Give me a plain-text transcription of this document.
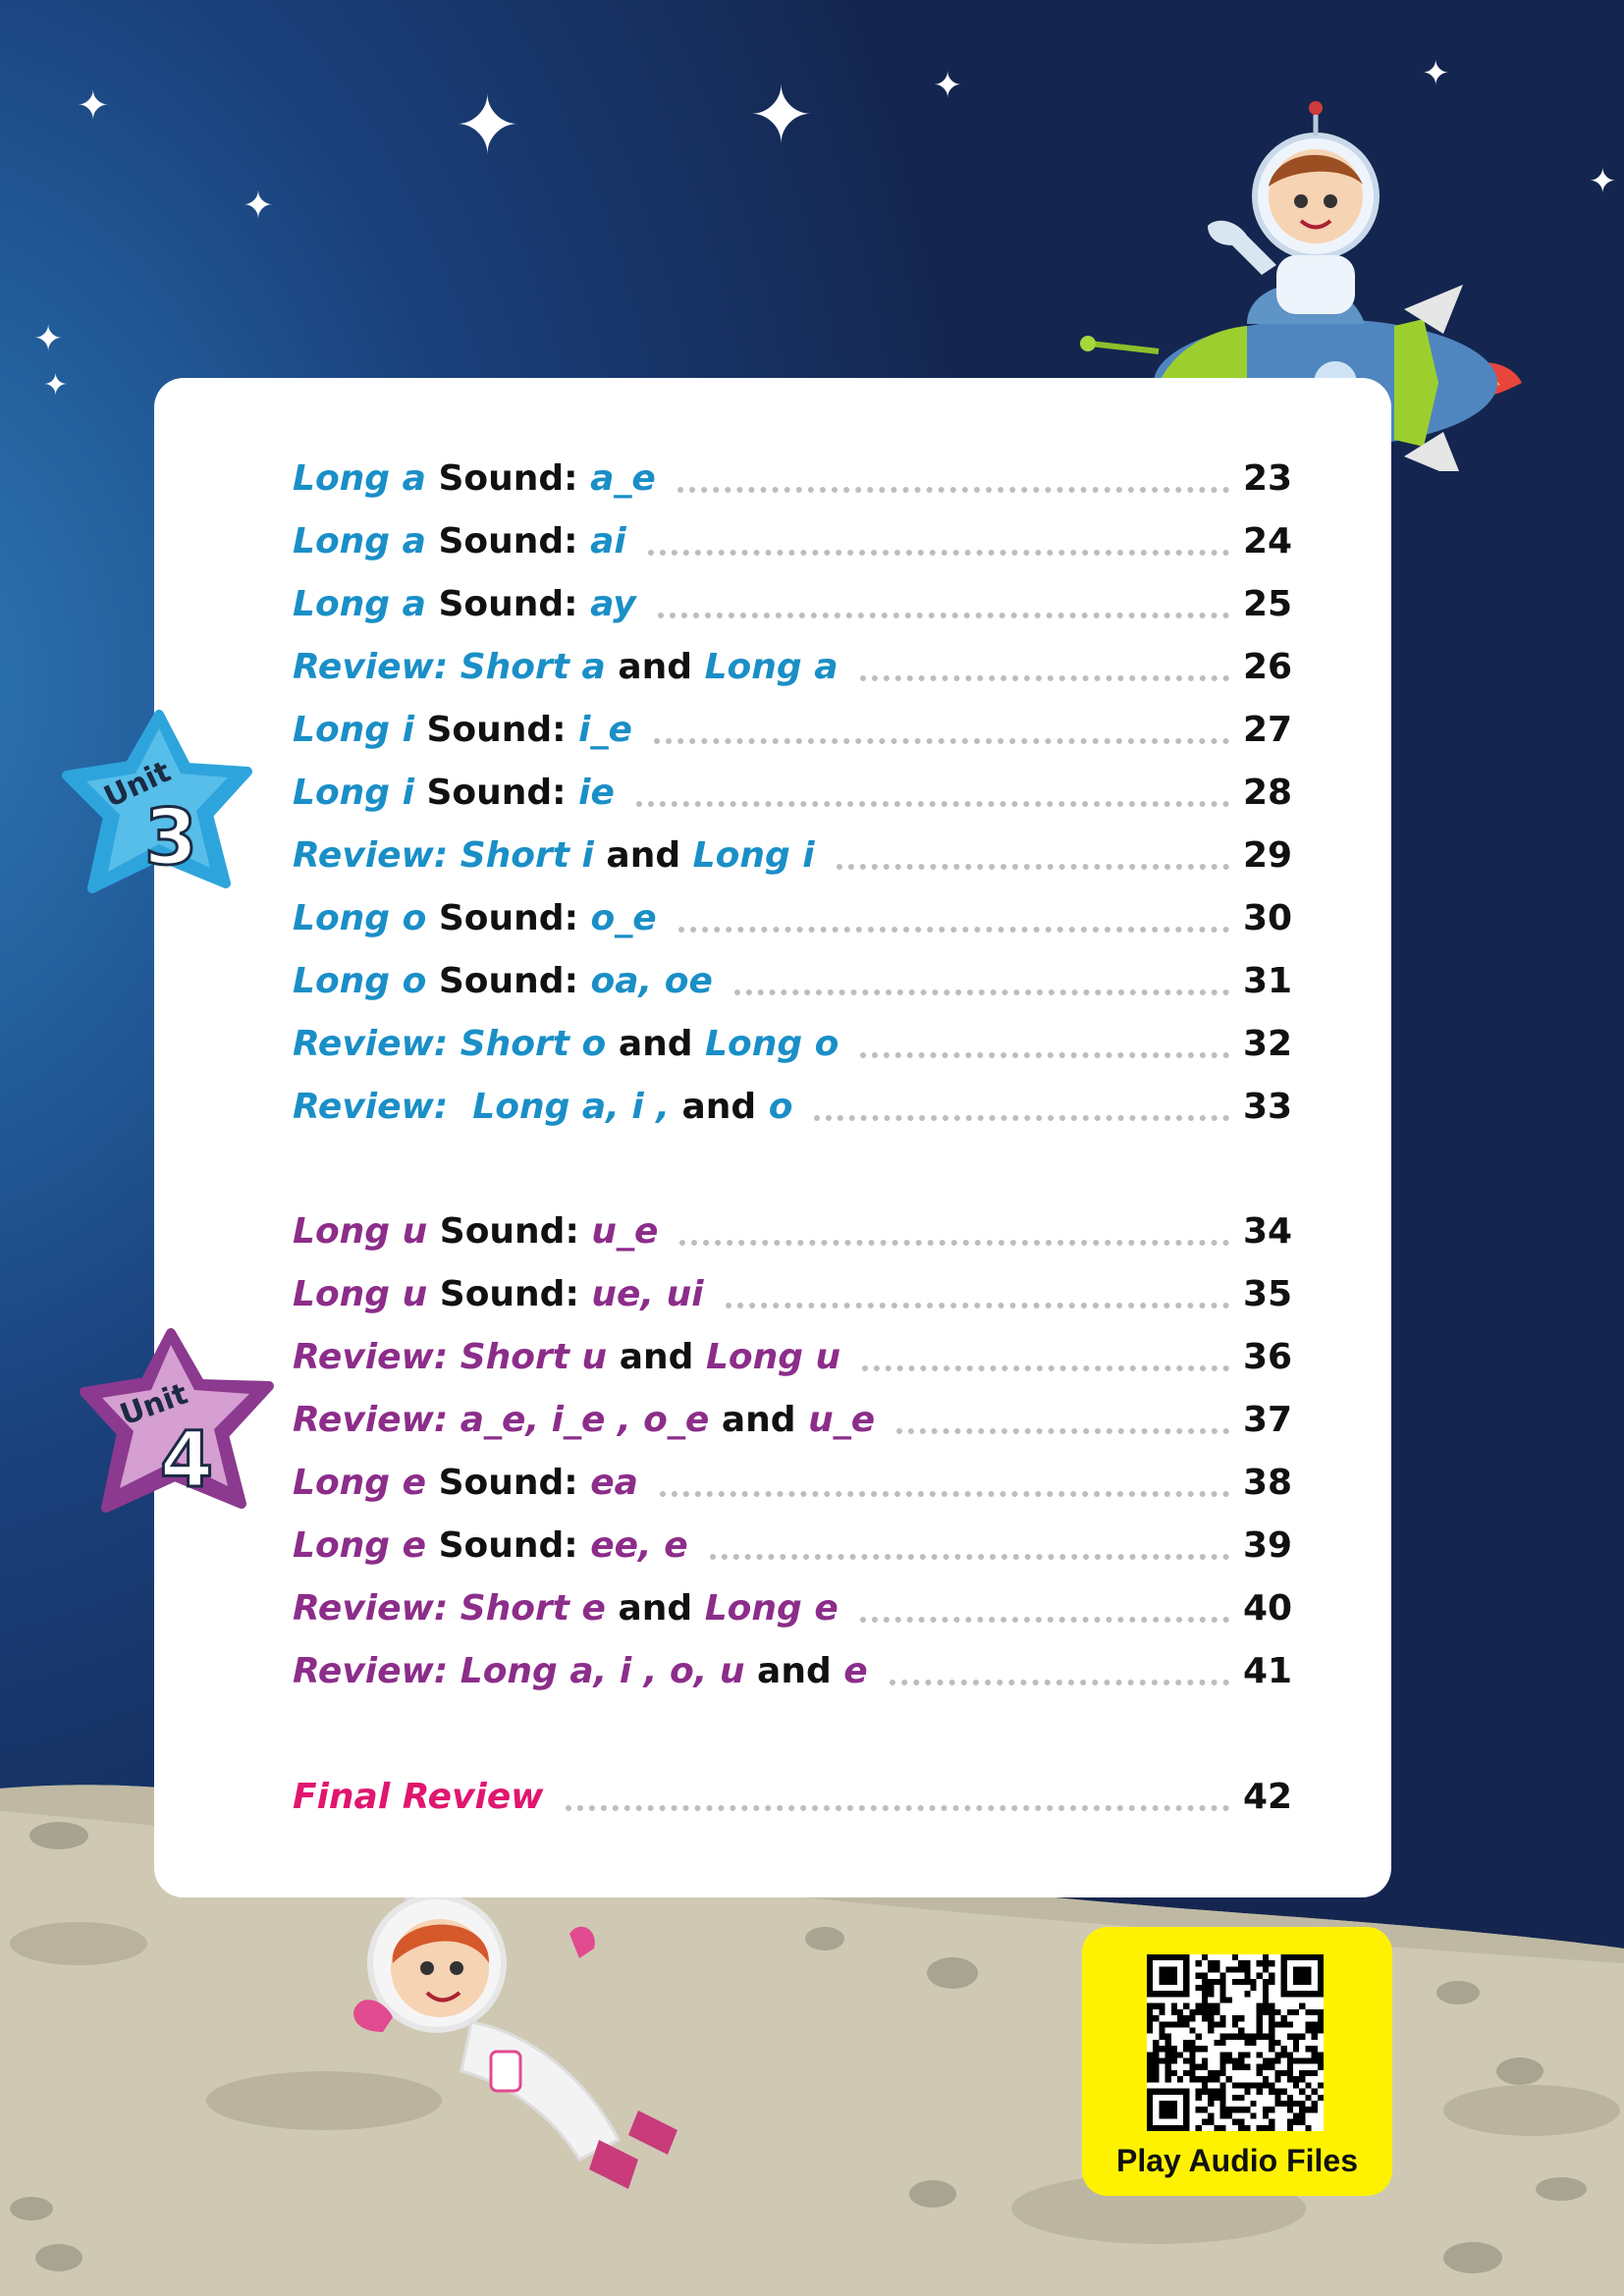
✦	✦
✦
✦	✦	✦
✦
✦
✦
Unit
3
Unit
4
Long a Sound: a_e	23
Long a Sound: ai	24
Long a Sound: ay	25
Review: Short a and Long a	26
Long i Sound: i_e	27
Long i Sound: ie	28
Review: Short i and Long i	29
Long o Sound: o_e	30
Long o Sound: oa, oe	31
Review: Short o and Long o	32
Review:  Long a, i , and o	33
Long u Sound: u_e	34
Long u Sound: ue, ui	35
Review: Short u and Long u	36
Review: a_e, i_e , o_e and u_e	37
Long e Sound: ea	38
Long e Sound: ee, e	39
Review: Short e and Long e	40
Review: Long a, i , o, u and e	41
Final Review	42
Play Audio Files
